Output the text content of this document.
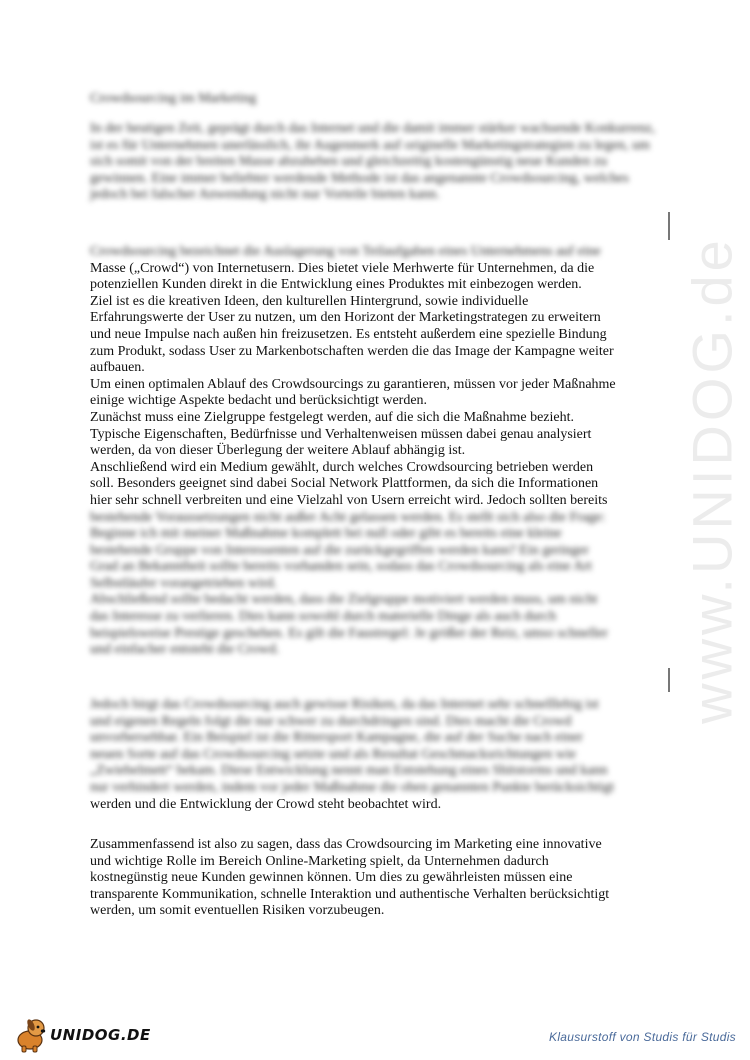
Crowdsourcing im Marketing

In der heutigen Zeit, geprägt durch das Internet und die damit immer stärker wachsende Konkurrenz, ist es für Unternehmen unerlässlich, ihr Augenmerk auf originelle Marketingstrategien zu legen, um sich somit von der breiten Masse abzuheben und gleichzeitig kostengünstig neue Kunden zu gewinnen. Eine immer beliebter werdende Methode ist das angenannte Crowdsourcing, welches jedoch bei falscher Anwendung nicht nur Vorteile bieten kann.

Crowdsourcing bezeichnet die Auslagerung von Teilaufgaben eines Unternehmens auf eine
Masse („Crowd“) von Internetusern. Dies bietet viele Merhwerte für Unternehmen, da die
potenziellen Kunden direkt in die Entwicklung eines Produktes mit einbezogen werden.
Ziel ist es die kreativen Ideen, den kulturellen Hintergrund, sowie individuelle
Erfahrungswerte der User zu nutzen, um den Horizont der Marketingstrategen zu erweitern
und neue Impulse nach außen hin freizusetzen. Es entsteht außerdem eine spezielle Bindung
zum Produkt, sodass User zu Markenbotschaften werden die das Image der Kampagne weiter
aufbauen.
Um einen optimalen Ablauf des Crowdsourcings zu garantieren, müssen vor jeder Maßnahme
einige wichtige Aspekte bedacht und berücksichtigt werden.
Zunächst muss eine Zielgruppe festgelegt werden, auf die sich die Maßnahme bezieht.
Typische Eigenschaften, Bedürfnisse und Verhaltenweisen müssen dabei genau analysiert
werden, da von dieser Überlegung der weitere Ablauf abhängig ist.
Anschließend wird ein Medium gewählt, durch welches Crowdsourcing betrieben werden
soll. Besonders geeignet sind dabei Social Network Plattformen, da sich die Informationen
hier sehr schnell verbreiten und eine Vielzahl von Usern erreicht wird. Jedoch sollten bereits
bestehende Voraussetzungen nicht außer Acht gelassen werden. Es stellt sich also die Frage:
Beginne ich mit meiner Maßnahme komplett bei null oder gibt es bereits eine kleine
bestehende Gruppe von Interessenten auf die zurückgegriffen werden kann? Ein geringer
Grad an Bekanntheit sollte bereits vorhanden sein, sodass das Crowdsourcing als eine Art
Selbstläufer vorangetrieben wird.
Abschließend sollte bedacht werden, dass die Zielgruppe motiviert werden muss, um nicht
das Interesse zu verlieren. Dies kann sowohl durch materielle Dinge als auch durch
beispielsweise Prestige geschehen. Es gilt die Faustregel: Je größer der Reiz, umso schneller
und einfacher entsteht die Crowd.
Jedoch birgt das Crowdsourcing auch gewisse Risiken, da das Internet sehr schnelllebig ist
und eigenen Regeln folgt die nur schwer zu durchdringen sind. Dies macht die Crowd
unvorhersehbar. Ein Beispiel ist die Rittersport Kampagne, die auf der Suche nach einer
neuen Sorte auf das Crowdsourcing setzte und als Resultat Geschmacksrichtungen wie
„Zwiebelmett“ bekam. Diese Entwicklung nennt man Entstehung eines Shitstorms und kann
nur verhindert werden, indem vor jeder Maßnahme die oben genannten Punkte berücksichtigt
werden und die Entwicklung der Crowd steht beobachtet wird.
Zusammenfassend ist also zu sagen, dass das Crowdsourcing im Marketing eine innovative
und wichtige Rolle im Bereich Online-Marketing spielt, da Unternehmen dadurch
kostnegünstig neue Kunden gewinnen können. Um dies zu gewährleisten müssen eine
transparente Kommunikation, schnelle Interaktion und authentische Verhalten berücksichtigt
werden, um somit eventuellen Risiken vorzubeugen.
www.UNIDOG.de
UNIDOG.DE	Klausurstoff von Studis für Studis
